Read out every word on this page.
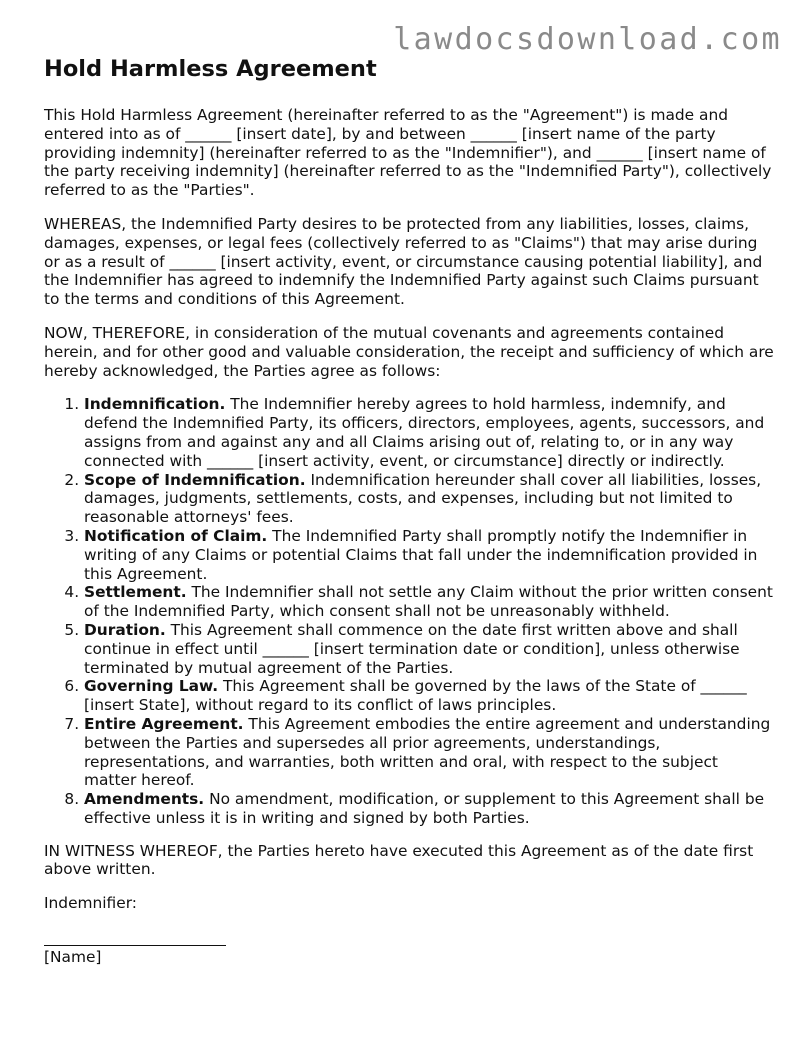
lawdocsdownload.com
Hold Harmless Agreement

This Hold Harmless Agreement (hereinafter referred to as the "Agreement") is made and entered into as of ______ [insert date], by and between ______ [insert name of the party providing indemnity] (hereinafter referred to as the "Indemnifier"), and ______ [insert name of the party receiving indemnity] (hereinafter referred to as the "Indemnified Party"), collectively referred to as the "Parties".

WHEREAS, the Indemnified Party desires to be protected from any liabilities, losses, claims, damages, expenses, or legal fees (collectively referred to as "Claims") that may arise during or as a result of ______ [insert activity, event, or circumstance causing potential liability], and the Indemnifier has agreed to indemnify the Indemnified Party against such Claims pursuant to the terms and conditions of this Agreement.

NOW, THEREFORE, in consideration of the mutual covenants and agreements contained herein, and for other good and valuable consideration, the receipt and sufficiency of which are hereby acknowledged, the Parties agree as follows:

1. Indemnification. The Indemnifier hereby agrees to hold harmless, indemnify, and defend the Indemnified Party, its officers, directors, employees, agents, successors, and assigns from and against any and all Claims arising out of, relating to, or in any way connected with ______ [insert activity, event, or circumstance] directly or indirectly.
2. Scope of Indemnification. Indemnification hereunder shall cover all liabilities, losses, damages, judgments, settlements, costs, and expenses, including but not limited to reasonable attorneys' fees.
3. Notification of Claim. The Indemnified Party shall promptly notify the Indemnifier in writing of any Claims or potential Claims that fall under the indemnification provided in this Agreement.
4. Settlement. The Indemnifier shall not settle any Claim without the prior written consent of the Indemnified Party, which consent shall not be unreasonably withheld.
5. Duration. This Agreement shall commence on the date first written above and shall continue in effect until ______ [insert termination date or condition], unless otherwise terminated by mutual agreement of the Parties.
6. Governing Law. This Agreement shall be governed by the laws of the State of ______ [insert State], without regard to its conflict of laws principles.
7. Entire Agreement. This Agreement embodies the entire agreement and understanding between the Parties and supersedes all prior agreements, understandings, representations, and warranties, both written and oral, with respect to the subject matter hereof.
8. Amendments. No amendment, modification, or supplement to this Agreement shall be effective unless it is in writing and signed by both Parties.

IN WITNESS WHEREOF, the Parties hereto have executed this Agreement as of the date first above written.

Indemnifier:
[Name]
